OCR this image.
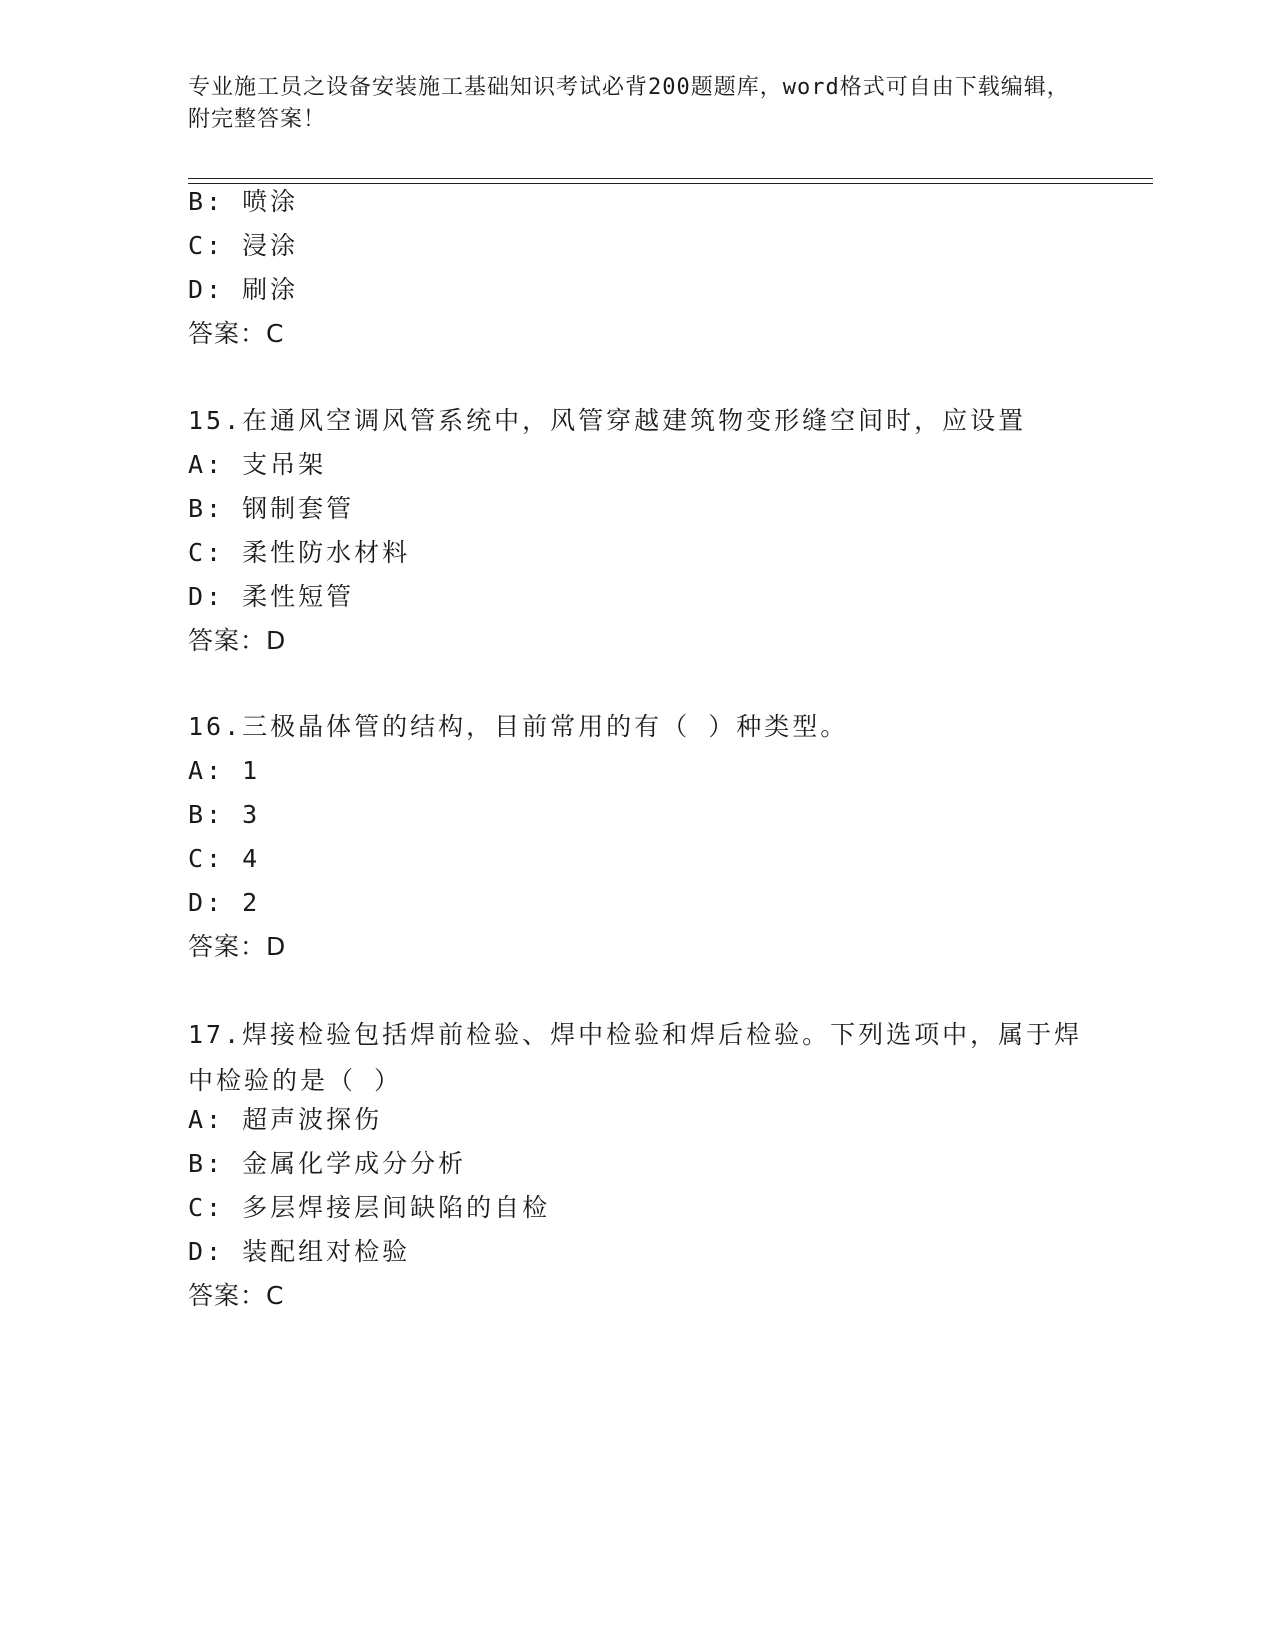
专业施工员之设备安装施工基础知识考试必背200题题库，word格式可自由下载编辑，附完整答案！
B: 喷涂
C: 浸涂
D: 刷涂
答案：C
15.在通风空调风管系统中，风管穿越建筑物变形缝空间时，应设置
A: 支吊架
B: 钢制套管
C: 柔性防水材料
D: 柔性短管
答案：D
16.三极晶体管的结构，目前常用的有（ ）种类型。
A: 1
B: 3
C: 4
D: 2
答案：D
17.焊接检验包括焊前检验、焊中检验和焊后检验。下列选项中，属于焊中检验的是（ ）
A: 超声波探伤
B: 金属化学成分分析
C: 多层焊接层间缺陷的自检
D: 装配组对检验
答案：C
